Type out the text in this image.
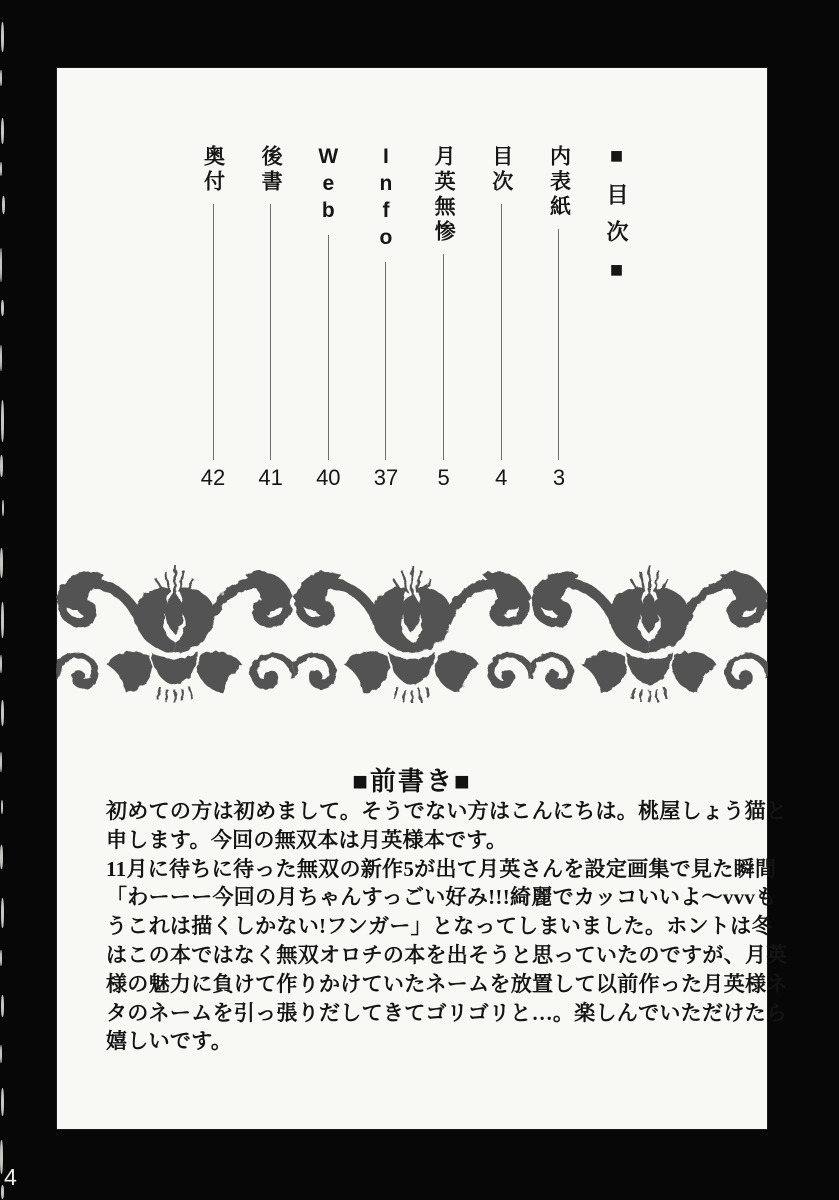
■目次■
内表紙
3
目次
4
月英無惨
5
Info
37
Web
40
後書
41
奥付
42
■前書き■
初めての方は初めまして。そうでない方はこんにちは。桃屋しょう猫と
申します。今回の無双本は月英様本です。
11月に待ちに待った無双の新作5が出て月英さんを設定画集で見た瞬間
「わーーー今回の月ちゃんすっごい好み!!!綺麗でカッコいいよ～vvvも
うこれは描くしかない!フンガー」となってしまいました。ホントは冬
はこの本ではなく無双オロチの本を出そうと思っていたのですが、月英
様の魅力に負けて作りかけていたネームを放置して以前作った月英様ネ
タのネームを引っ張りだしてきてゴリゴリと…。楽しんでいただけたら
嬉しいです。
4
